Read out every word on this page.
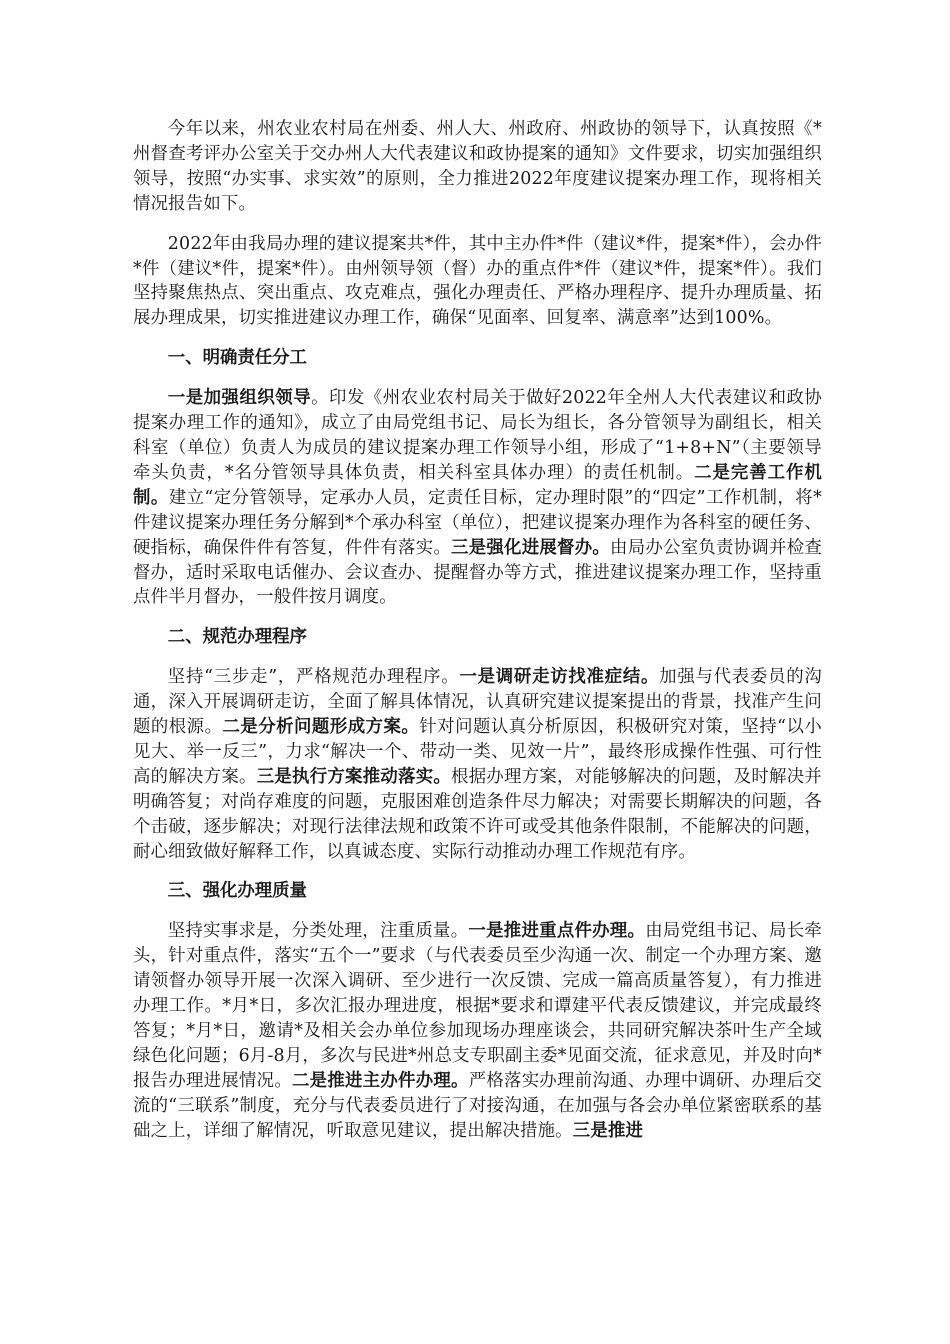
今年以来，州农业农村局在州委、州人大、州政府、州政协的领导下，认真按照《*州督查考评办公室关于交办州人大代表建议和政协提案的通知》文件要求，切实加强组织领导，按照“办实事、求实效”的原则，全力推进2022年度建议提案办理工作，现将相关情况报告如下。

2022年由我局办理的建议提案共*件，其中主办件*件（建议*件，提案*件），会办件*件（建议*件，提案*件）。由州领导领（督）办的重点件*件（建议*件，提案*件）。我们坚持聚焦热点、突出重点、攻克难点，强化办理责任、严格办理程序、提升办理质量、拓展办理成果，切实推进建议办理工作，确保“见面率、回复率、满意率”达到100%。

一、明确责任分工

一是加强组织领导。印发《州农业农村局关于做好2022年全州人大代表建议和政协提案办理工作的通知》，成立了由局党组书记、局长为组长，各分管领导为副组长，相关科室（单位）负责人为成员的建议提案办理工作领导小组，形成了“1+8+N”（主要领导牵头负责，*名分管领导具体负责，相关科室具体办理）的责任机制。二是完善工作机制。建立“定分管领导，定承办人员，定责任目标，定办理时限”的“四定”工作机制，将*件建议提案办理任务分解到*个承办科室（单位），把建议提案办理作为各科室的硬任务、硬指标，确保件件有答复，件件有落实。三是强化进展督办。由局办公室负责协调并检查督办，适时采取电话催办、会议查办、提醒督办等方式，推进建议提案办理工作，坚持重点件半月督办，一般件按月调度。

二、规范办理程序

坚持“三步走”，严格规范办理程序。一是调研走访找准症结。加强与代表委员的沟通，深入开展调研走访，全面了解具体情况，认真研究建议提案提出的背景，找准产生问题的根源。二是分析问题形成方案。针对问题认真分析原因，积极研究对策，坚持“以小见大、举一反三”，力求“解决一个、带动一类、见效一片”，最终形成操作性强、可行性高的解决方案。三是执行方案推动落实。根据办理方案，对能够解决的问题，及时解决并明确答复；对尚存难度的问题，克服困难创造条件尽力解决；对需要长期解决的问题，各个击破，逐步解决；对现行法律法规和政策不许可或受其他条件限制，不能解决的问题，耐心细致做好解释工作，以真诚态度、实际行动推动办理工作规范有序。

三、强化办理质量

坚持实事求是，分类处理，注重质量。一是推进重点件办理。由局党组书记、局长牵头，针对重点件，落实“五个一”要求（与代表委员至少沟通一次、制定一个办理方案、邀请领督办领导开展一次深入调研、至少进行一次反馈、完成一篇高质量答复），有力推进办理工作。*月*日，多次汇报办理进度，根据*要求和谭建平代表反馈建议，并完成最终答复；*月*日，邀请*及相关会办单位参加现场办理座谈会，共同研究解决茶叶生产全域绿色化问题；6月-8月，多次与民进*州总支专职副主委*见面交流，征求意见，并及时向*报告办理进展情况。二是推进主办件办理。严格落实办理前沟通、办理中调研、办理后交流的“三联系”制度，充分与代表委员进行了对接沟通，在加强与各会办单位紧密联系的基础之上，详细了解情况，听取意见建议，提出解决措施。三是推进
